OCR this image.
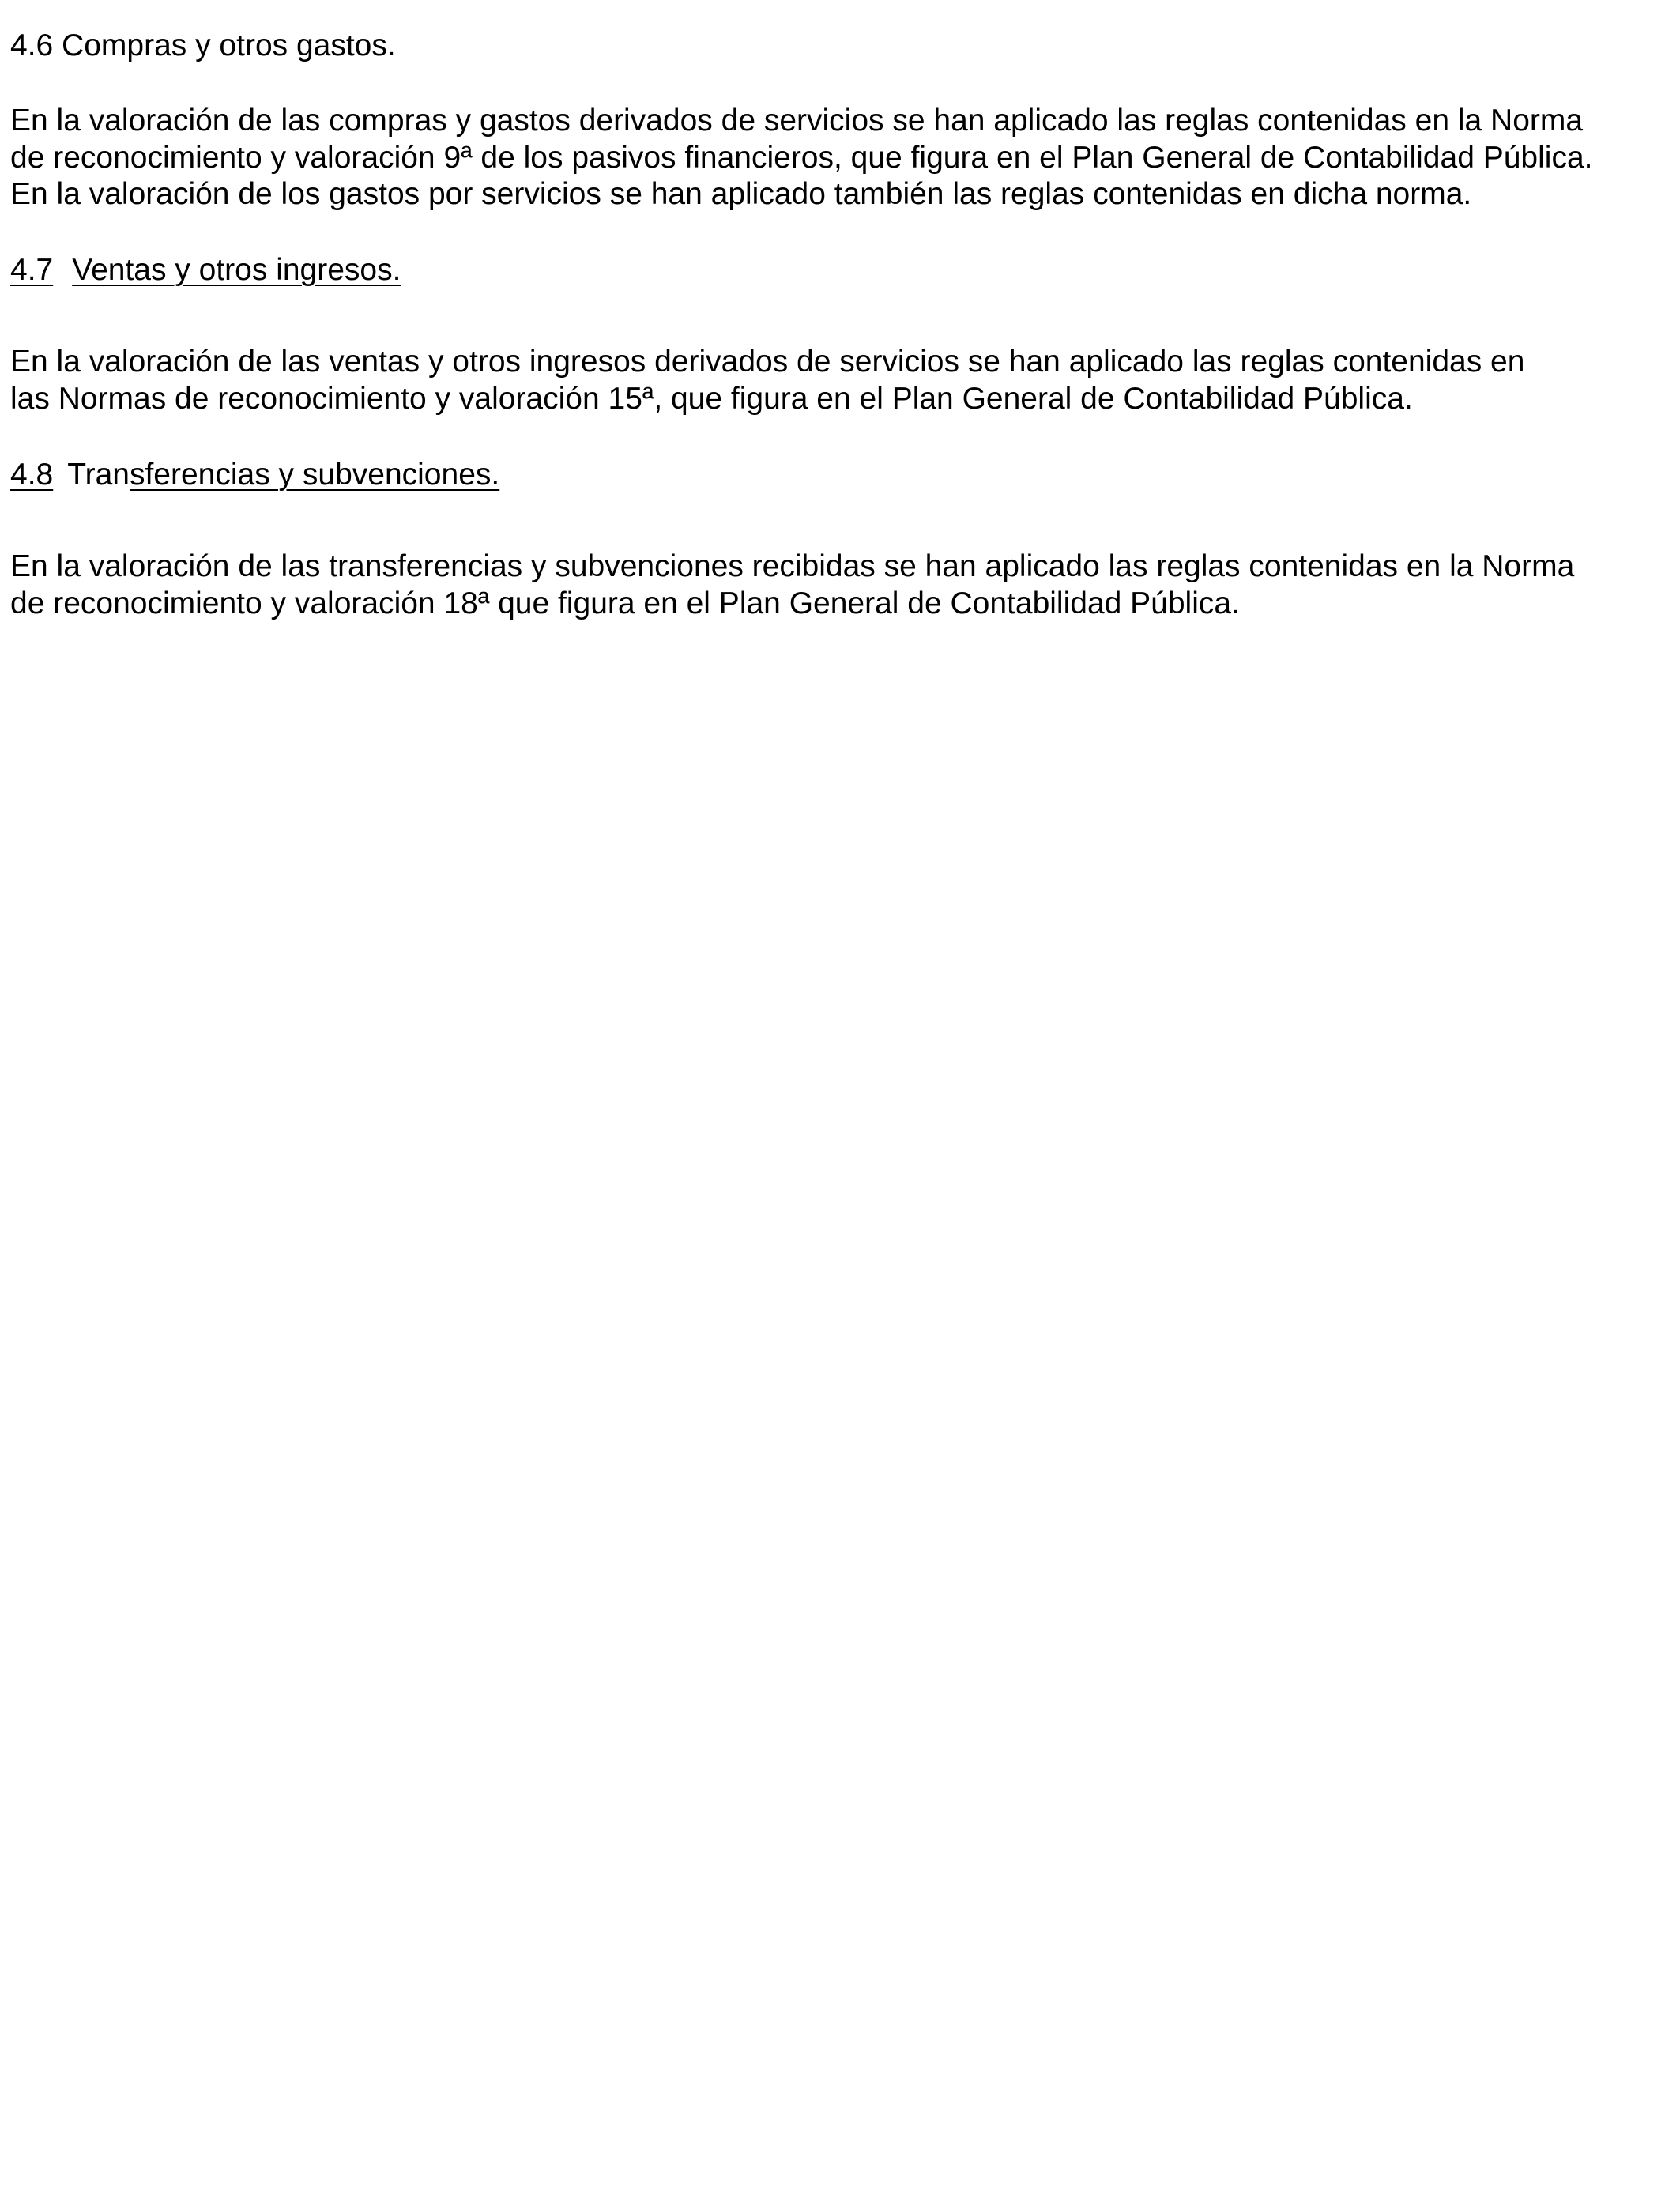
4.6 Compras y otros gastos.
En la valoración de las compras y gastos derivados de servicios se han aplicado las reglas contenidas en la Norma
de reconocimiento y valoración 9ª de los pasivos financieros, que figura en el Plan General de Contabilidad Pública.
En la valoración de los gastos por servicios se han aplicado también las reglas contenidas en dicha norma.
4.7 Ventas y otros ingresos.
En la valoración de las ventas y otros ingresos derivados de servicios se han aplicado las reglas contenidas en
las Normas de reconocimiento y valoración 15ª, que figura en el Plan General de Contabilidad Pública.
4.8 Transferencias y subvenciones.
En la valoración de las transferencias y subvenciones recibidas se han aplicado las reglas contenidas en la Norma
de reconocimiento y valoración 18ª que figura en el Plan General de Contabilidad Pública.
